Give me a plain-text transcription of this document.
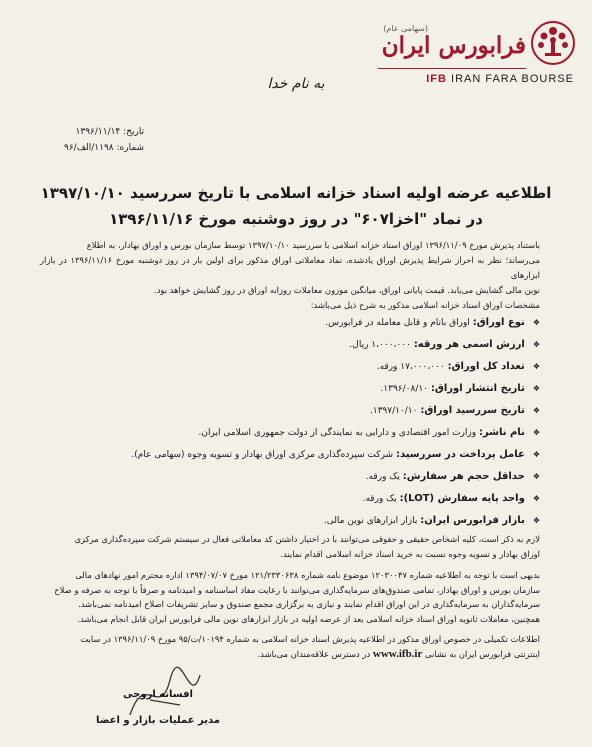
(سهامی عام)
فرابورس ایران
IFB IRAN FARA BOURSE
به نام خدا
تاریخ: ۱۳۹۶/۱۱/۱۴
شماره: ۱۱۹۸/الف/۹۶
اطلاعیه عرضه اولیه اسناد خزانه اسلامی با تاریخ سررسید ۱۳۹۷/۱۰/۱۰
در نماد "اخزا۶۰۷" در روز دوشنبه مورخ ۱۳۹۶/۱۱/۱۶
باستناد پذیرش مورخ ۱۳۹۶/۱۱/۰۹ اوراق اسناد خزانه اسلامی با سررسید ۱۳۹۷/۱۰/۱۰ توسط سازمان بورس و اوراق بهادار، به اطلاع
می‌رساند؛ نظر به احراز شرایط پذیرش اوراق یادشده، نماد معاملاتی اوراق مذکور برای اولین بار در روز دوشنبه مورخ ۱۳۹۶/۱۱/۱۶ در بازار ابزارهای
نوین مالی گشایش می‌یابد. قیمت پایانی اوراق، میانگین موزون معاملات روزانه اوراق در روز گشایش خواهد بود.
مشخصات اوراق اسناد خزانه اسلامی مذکور به شرح ذیل می‌باشد:
❖نوع اوراق: اوراق بانام و قابل معامله در فرابورس.
❖ارزش اسمی هر ورقه: ۱،۰۰۰،۰۰۰ ریال.
❖تعداد کل اوراق: ۱۷،۰۰۰،۰۰۰ ورقه.
❖تاریخ انتشار اوراق: ۱۳۹۶/۰۸/۱۰.
❖تاریخ سررسید اوراق: ۱۳۹۷/۱۰/۱۰.
❖نام ناشر: وزارت امور اقتصادی و دارایی به نمایندگی از دولت جمهوری اسلامی ایران.
❖عامل پرداخت در سررسید: شرکت سپرده‌گذاری مرکزی اوراق بهادار و تسویه وجوه (سهامی عام).
❖حداقل حجم هر سفارش: یک ورقه.
❖واحد پایه سفارش (LOT): یک ورقه.
❖بازار فرابورس ایران: بازار ابزارهای نوین مالی.
لازم به ذکر است، کلیه اشخاص حقیقی و حقوقی می‌توانند با در اختیار داشتن کد معاملاتی فعال در سیستم شرکت سپرده‌گذاری مرکزی
اوراق بهادار و تسویه وجوه نسبت به خرید اسناد خزانه اسلامی اقدام نمایند.
بدیهی است با توجه به اطلاعیه شماره ۱۲۰۳۰۰۴۷ موضوع نامه شماره ۱۲۱/۲۳۳۰۶۳۸ مورخ ۱۳۹۴/۰۷/۰۷ اداره محترم امور نهادهای مالی
سازمان بورس و اوراق بهادار، تمامی صندوق‌های سرمایه‌گذاری می‌توانند با رعایت مفاد اساسنامه و امیدنامه و صرفاً با توجه به صرفه و صلاح
سرمایه‌گذاران به سرمایه‌گذاری در این اوراق اقدام نمایند و نیازی به برگزاری مجمع صندوق و سایر تشریفات اصلاح امیدنامه نمی‌باشد.
همچنین، معاملات ثانویه اوراق اسناد خزانه اسلامی بعد از عرضه اولیه در بازار ابزارهای نوین مالی فرابورس ایران قابل انجام می‌باشد.
اطلاعات تکمیلی در خصوص اوراق مذکور در اطلاعیه پذیرش اسناد خزانه اسلامی به شماره ۱۰۱۹۴/ت/۹۵ مورخ ۱۳۹۶/۱۱/۰۹ در سایت
اینترنتی فرابورس ایران به نشانی www.ifb.ir در دسترس علاقه‌مندان می‌باشد.
افسانه اروجی
مدیر عملیات بازار و اعضا
